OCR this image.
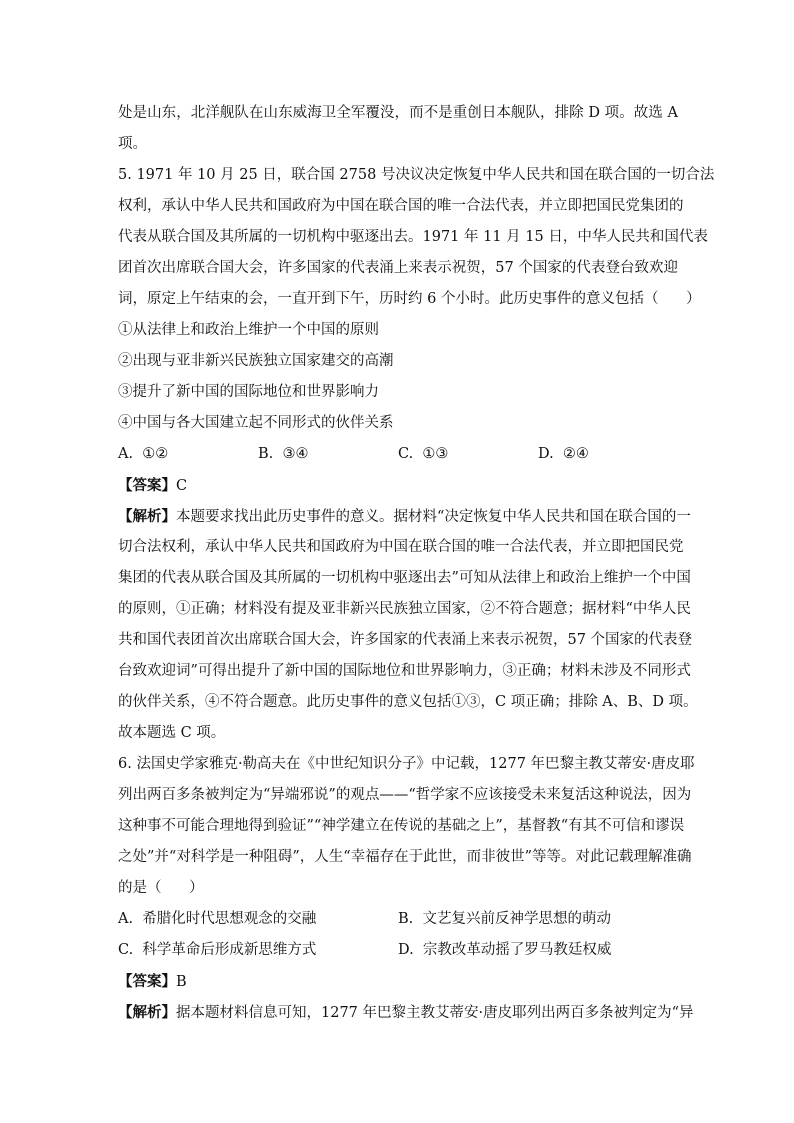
处是山东，北洋舰队在山东威海卫全军覆没，而不是重创日本舰队，排除 D 项。故选 A
项。
5. 1971 年 10 月 25 日，联合国 2758 号决议决定恢复中华人民共和国在联合国的一切合法
权利，承认中华人民共和国政府为中国在联合国的唯一合法代表，并立即把国民党集团的
代表从联合国及其所属的一切机构中驱逐出去。1971 年 11 月 15 日，中华人民共和国代表
团首次出席联合国大会，许多国家的代表涌上来表示祝贺，57 个国家的代表登台致欢迎
词，原定上午结束的会，一直开到下午，历时约 6 个小时。此历史事件的意义包括（      ）
①从法律上和政治上维护一个中国的原则
②出现与亚非新兴民族独立国家建交的高潮
③提升了新中国的国际地位和世界影响力
④中国与各大国建立起不同形式的伙伴关系
A.  ①②	B.  ③④	C.  ①③	D.  ②④
【答案】C
【解析】本题要求找出此历史事件的意义。据材料“决定恢复中华人民共和国在联合国的一
切合法权利，承认中华人民共和国政府为中国在联合国的唯一合法代表，并立即把国民党
集团的代表从联合国及其所属的一切机构中驱逐出去”可知从法律上和政治上维护一个中国
的原则，①正确；材料没有提及亚非新兴民族独立国家，②不符合题意；据材料“中华人民
共和国代表团首次出席联合国大会，许多国家的代表涌上来表示祝贺，57 个国家的代表登
台致欢迎词”可得出提升了新中国的国际地位和世界影响力，③正确；材料未涉及不同形式
的伙伴关系，④不符合题意。此历史事件的意义包括①③，C 项正确；排除 A、B、D 项。
故本题选 C 项。
6. 法国史学家雅克·勒高夫在《中世纪知识分子》中记载，1277 年巴黎主教艾蒂安·唐皮耶
列出两百多条被判定为“异端邪说”的观点——“哲学家不应该接受未来复活这种说法，因为
这种事不可能合理地得到验证”“神学建立在传说的基础之上”，基督教“有其不可信和谬误
之处”并“对科学是一种阻碍”，人生“幸福存在于此世，而非彼世”等等。对此记载理解准确
的是（      ）
A.  希腊化时代思想观念的交融	B.  文艺复兴前反神学思想的萌动
C.  科学革命后形成新思维方式	D.  宗教改革动摇了罗马教廷权威
【答案】B
【解析】据本题材料信息可知，1277 年巴黎主教艾蒂安·唐皮耶列出两百多条被判定为“异
